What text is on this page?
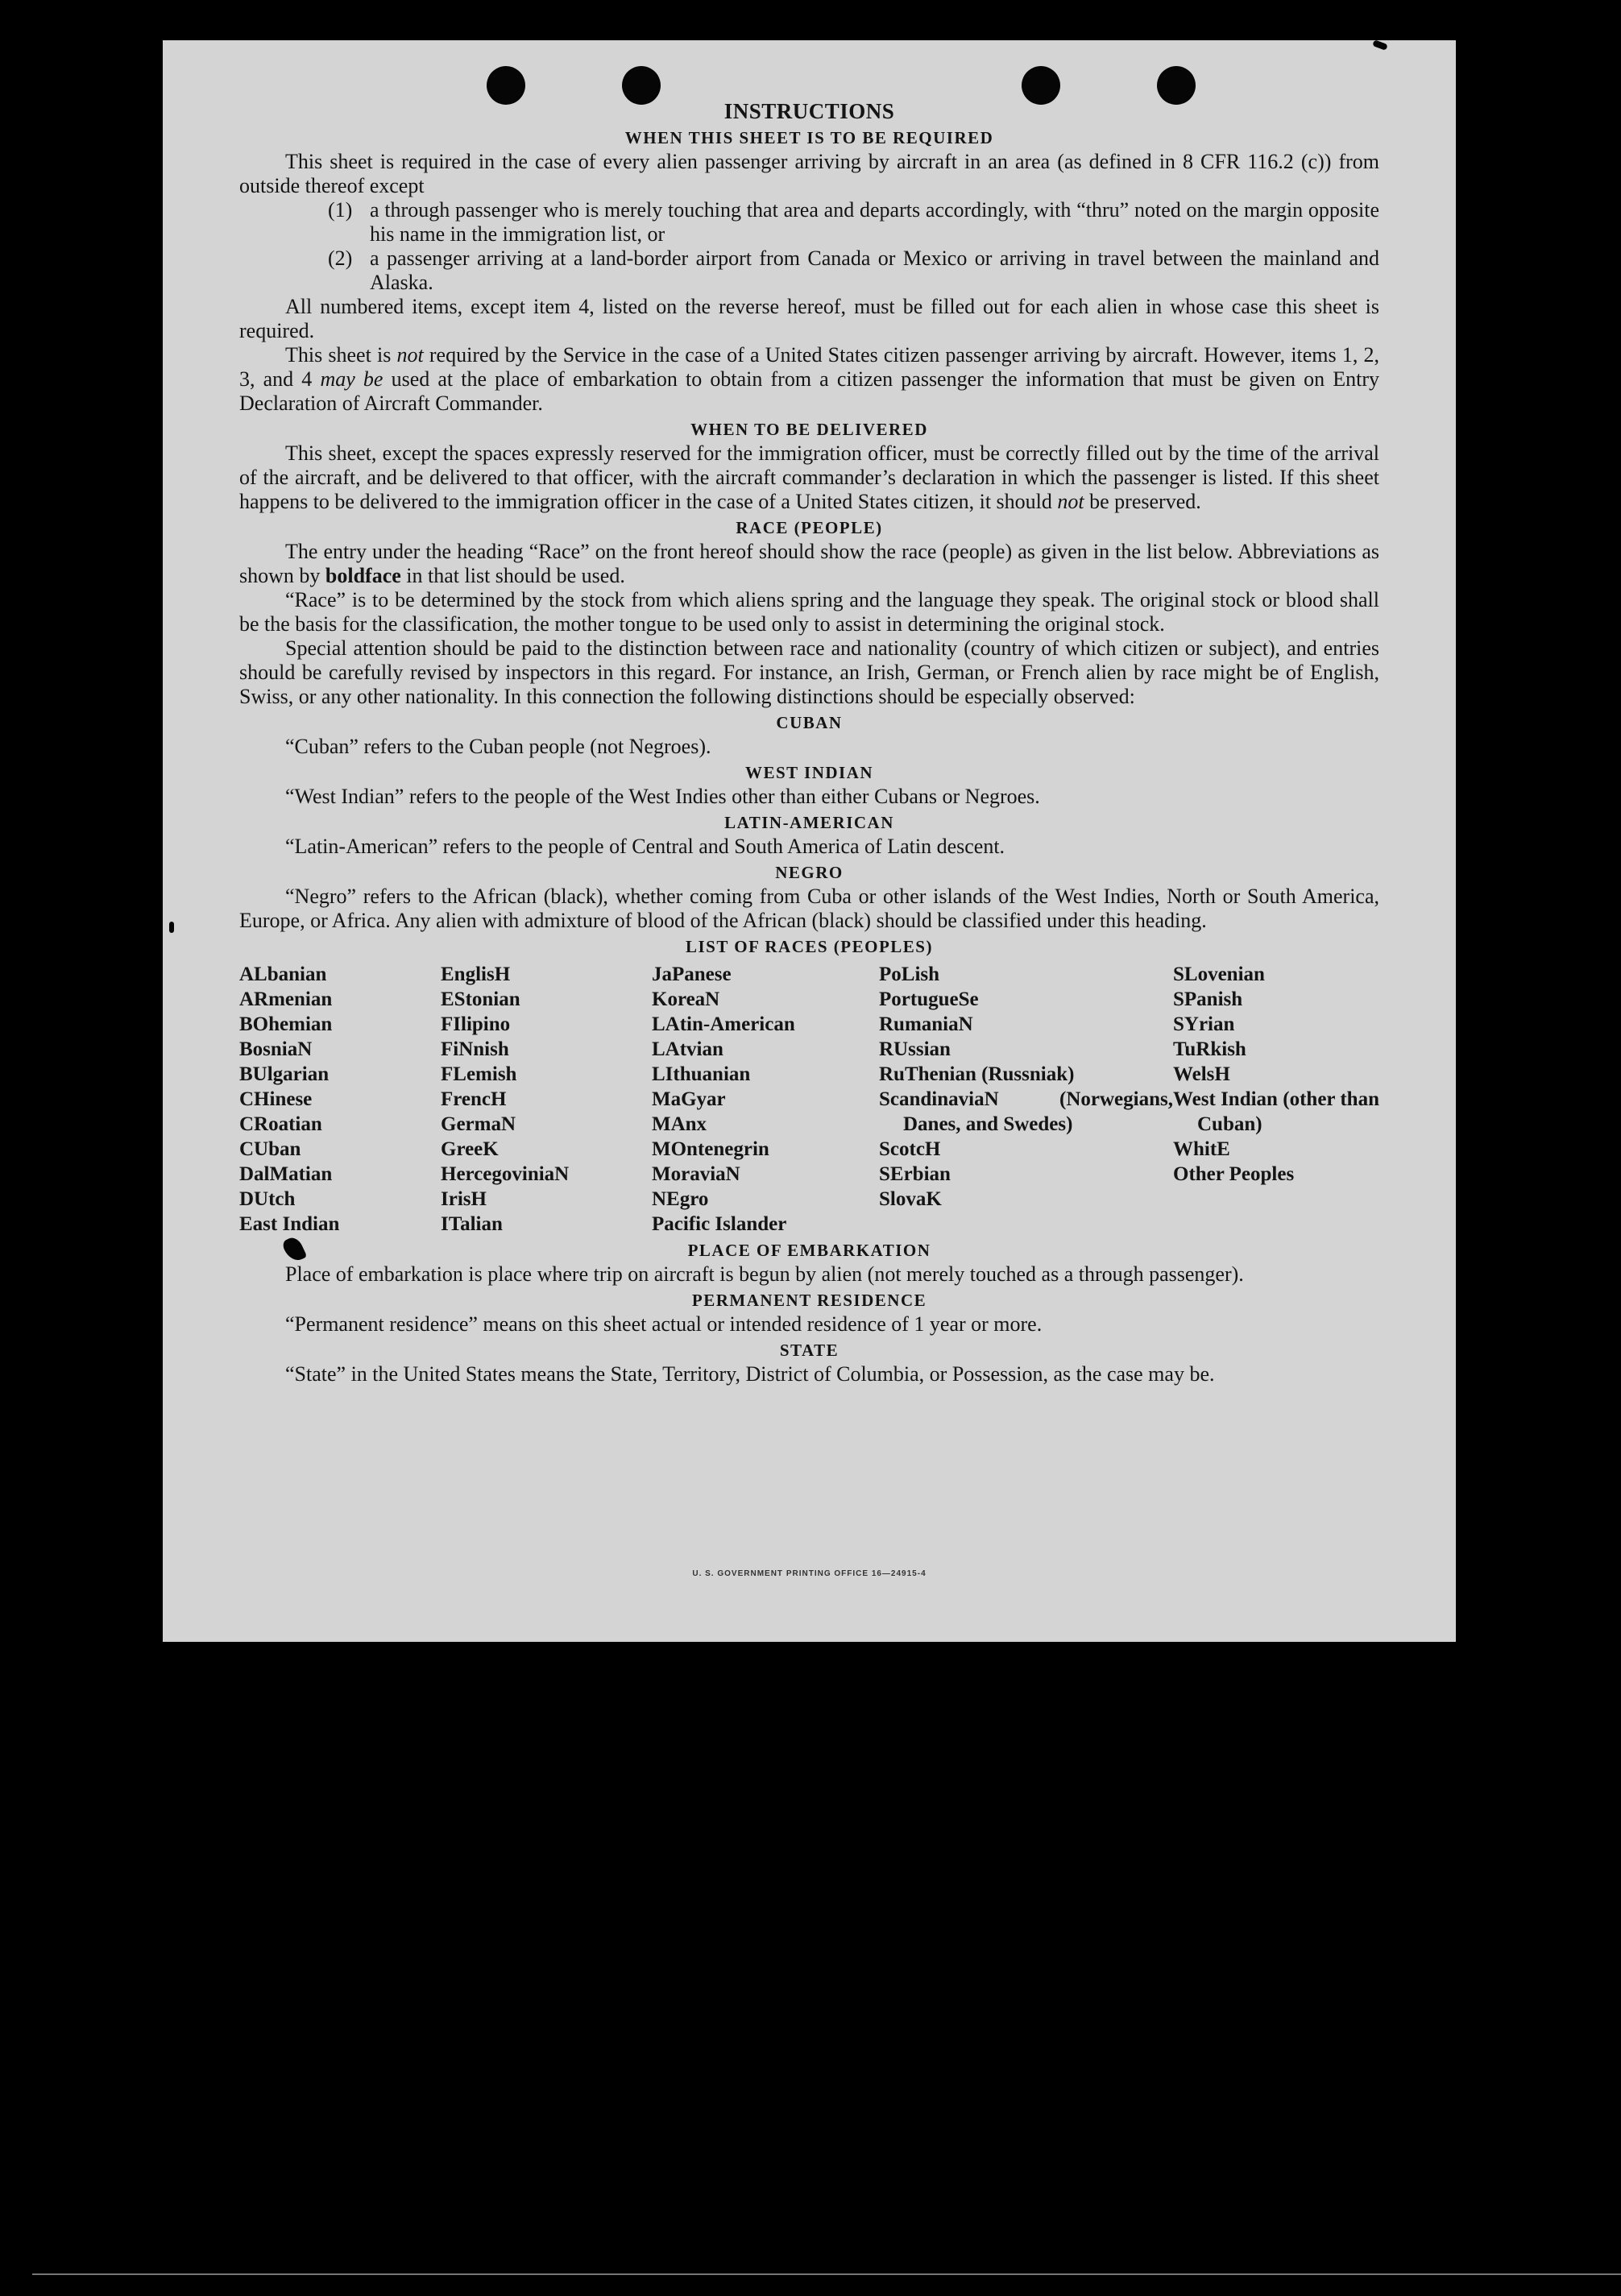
INSTRUCTIONS
WHEN THIS SHEET IS TO BE REQUIRED

This sheet is required in the case of every alien passenger arriving by aircraft in an area (as defined in 8 CFR 116.2 (c)) from outside thereof except

(1) a through passenger who is merely touching that area and departs accordingly, with “thru” noted on the margin opposite his name in the immigration list, or
(2) a passenger arriving at a land-border airport from Canada or Mexico or arriving in travel between the mainland and Alaska.

All numbered items, except item 4, listed on the reverse hereof, must be filled out for each alien in whose case this sheet is required.

This sheet is not required by the Service in the case of a United States citizen passenger arriving by aircraft. However, items 1, 2, 3, and 4 may be used at the place of embarkation to obtain from a citizen passenger the information that must be given on Entry Declaration of Aircraft Commander.

WHEN TO BE DELIVERED

This sheet, except the spaces expressly reserved for the immigration officer, must be correctly filled out by the time of the arrival of the aircraft, and be delivered to that officer, with the aircraft commander’s declaration in which the passenger is listed. If this sheet happens to be delivered to the immigration officer in the case of a United States citizen, it should not be preserved.

RACE (PEOPLE)

The entry under the heading “Race” on the front hereof should show the race (people) as given in the list below. Abbreviations as shown by boldface in that list should be used.

“Race” is to be determined by the stock from which aliens spring and the language they speak. The original stock or blood shall be the basis for the classification, the mother tongue to be used only to assist in determining the original stock.

Special attention should be paid to the distinction between race and nationality (country of which citizen or subject), and entries should be carefully revised by inspectors in this regard. For instance, an Irish, German, or French alien by race might be of English, Swiss, or any other nationality. In this connection the following distinctions should be especially observed:

CUBAN

“Cuban” refers to the Cuban people (not Negroes).

WEST INDIAN

“West Indian” refers to the people of the West Indies other than either Cubans or Negroes.

LATIN-AMERICAN

“Latin-American” refers to the people of Central and South America of Latin descent.

NEGRO

“Negro” refers to the African (black), whether coming from Cuba or other islands of the West Indies, North or South America, Europe, or Africa. Any alien with admixture of blood of the African (black) should be classified under this heading.

LIST OF RACES (PEOPLES)
ALbanian
ARmenian
BOhemian
BosniaN
BUlgarian
CHinese
CRoatian
CUban
DalMatian
DUtch
East Indian
EnglisH
EStonian
FIlipino
FiNnish
FLemish
FrencH
GermaN
GreeK
HercegoviniaN
IrisH
ITalian
JaPanese
KoreaN
LAtin-American
LAtvian
LIthuanian
MaGyar
MAnx
MOntenegrin
MoraviaN
NEgro
Pacific Islander
PoLish
PortugueSe
RumaniaN
RUssian
RuThenian (Russniak)
ScandinaviaN (Norwegians, Danes, and Swedes)
ScotcH
SErbian
SlovaK
SLovenian
SPanish
SYrian
TuRkish
WelsH
West Indian (other than Cuban)
WhitE
Other Peoples
PLACE OF EMBARKATION

Place of embarkation is place where trip on aircraft is begun by alien (not merely touched as a through passenger).

PERMANENT RESIDENCE

“Permanent residence” means on this sheet actual or intended residence of 1 year or more.

STATE

“State” in the United States means the State, Territory, District of Columbia, or Possession, as the case may be.

U. S. GOVERNMENT PRINTING OFFICE 16—24915-4
